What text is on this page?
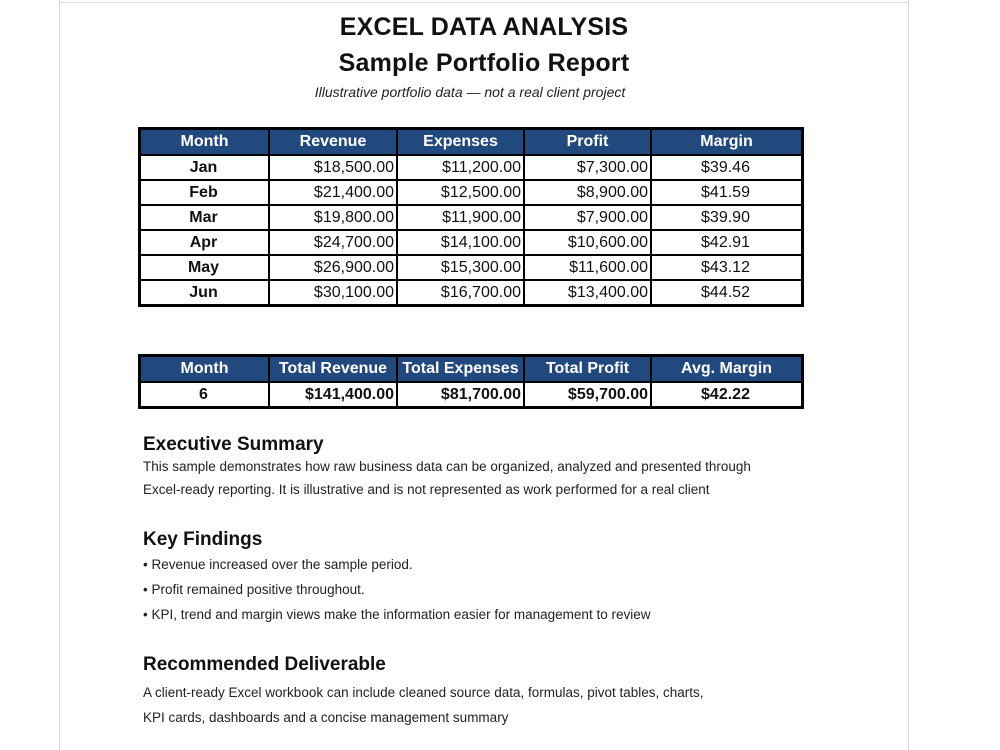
EXCEL DATA ANALYSIS
Sample Portfolio Report
Illustrative portfolio data — not a real client project
Month	Revenue	Expenses	Profit	Margin
Jan	$18,500.00	$11,200.00	$7,300.00	$39.46
Feb	$21,400.00	$12,500.00	$8,900.00	$41.59
Mar	$19,800.00	$11,900.00	$7,900.00	$39.90
Apr	$24,700.00	$14,100.00	$10,600.00	$42.91
May	$26,900.00	$15,300.00	$11,600.00	$43.12
Jun	$30,100.00	$16,700.00	$13,400.00	$44.52
Month	Total Revenue	Total Expenses	Total Profit	Avg. Margin
6	$141,400.00	$81,700.00	$59,700.00	$42.22
Executive Summary
This sample demonstrates how raw business data can be organized, analyzed and presented through
Excel-ready reporting. It is illustrative and is not represented as work performed for a real client
Key Findings
• Revenue increased over the sample period.
• Profit remained positive throughout.
• KPI, trend and margin views make the information easier for management to review
Recommended Deliverable
A client-ready Excel workbook can include cleaned source data, formulas, pivot tables, charts,
KPI cards, dashboards and a concise management summary
